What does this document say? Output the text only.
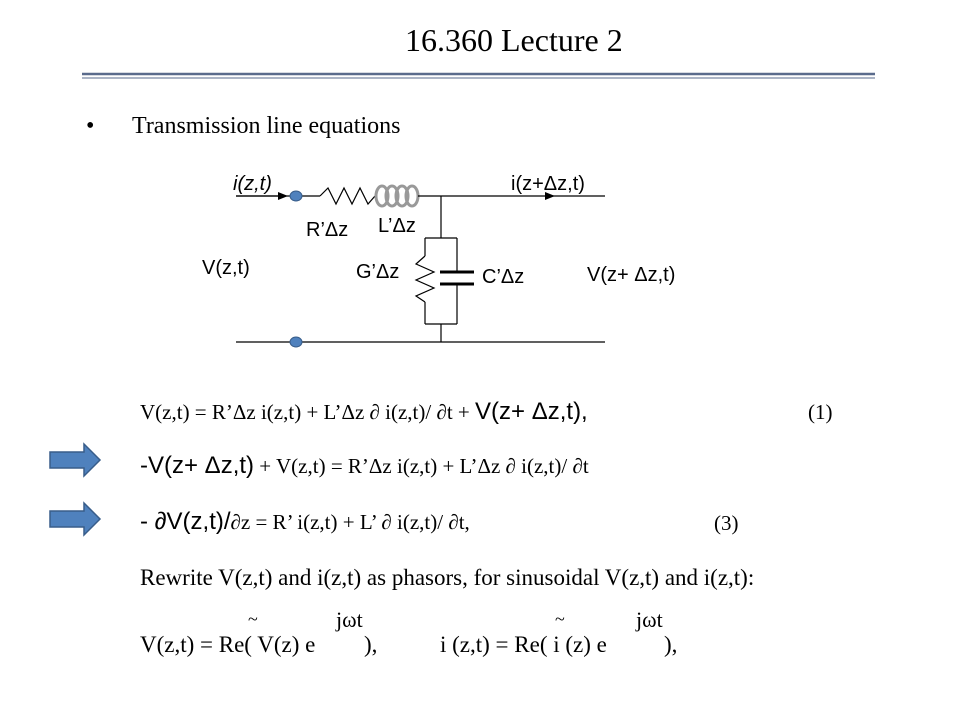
16.360 Lecture 2
i(z,t)	i(z+Δz,t)
R’Δz L’Δz
G’Δz	C’Δz
V(z,t)	V(z+ Δz,t)
• Transmission line equations
V(z,t) = R’Δz i(z,t) + L’Δz ∂ i(z,t)/ ∂t + V(z+ Δz,t),	(1)
-V(z+ Δz,t) + V(z,t) = R’Δz i(z,t) + L’Δz ∂ i(z,t)/ ∂t
- ∂V(z,t)/∂z = R’ i(z,t) + L’ ∂ i(z,t)/ ∂t,	(3)
Rewrite V(z,t) and i(z,t) as phasors, for sinusoidal V(z,t) and i(z,t):
V(z,t) = Re( V(z) e ),
jωt
~
i (z,t) = Re( i (z) e ),
jωt
~
